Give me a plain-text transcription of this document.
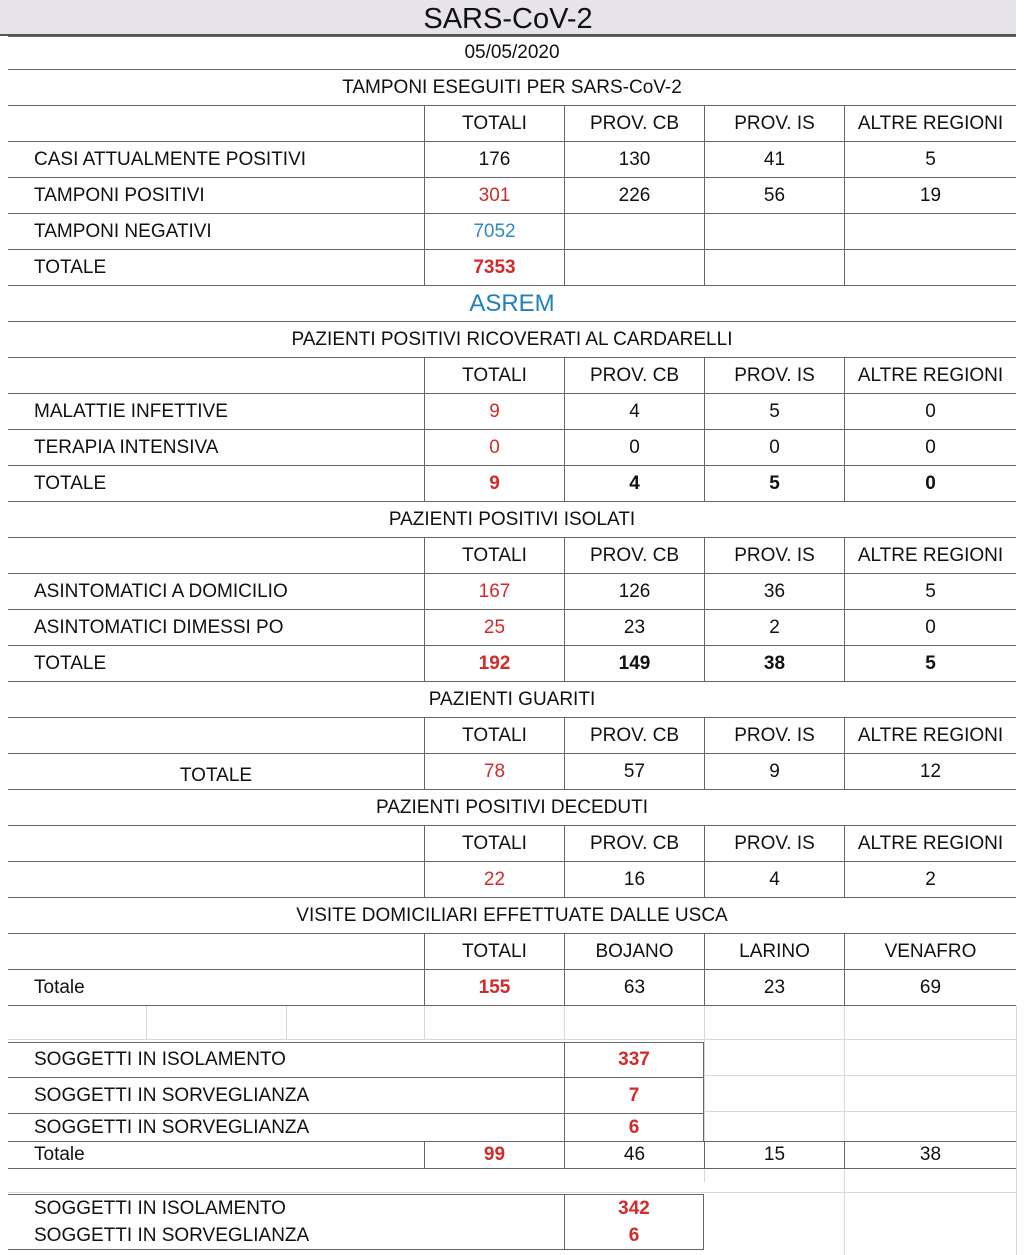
SARS-CoV-2
05/05/2020
TAMPONI ESEGUITI PER SARS-CoV-2
TOTALI	PROV. CB	PROV. IS	ALTRE REGIONI
CASI ATTUALMENTE POSITIVI	176	130	41	5
TAMPONI POSITIVI	301	226	56	19
TAMPONI NEGATIVI	7052
TOTALE	7353
ASREM
PAZIENTI POSITIVI RICOVERATI AL CARDARELLI
TOTALI	PROV. CB	PROV. IS	ALTRE REGIONI
MALATTIE INFETTIVE	9	4	5	0
TERAPIA INTENSIVA	0	0	0	0
TOTALE	9	4	5	0
PAZIENTI POSITIVI ISOLATI
TOTALI	PROV. CB	PROV. IS	ALTRE REGIONI
ASINTOMATICI A DOMICILIO	167	126	36	5
ASINTOMATICI DIMESSI PO	25	23	2	0
TOTALE	192	149	38	5
PAZIENTI GUARITI
TOTALI	PROV. CB	PROV. IS	ALTRE REGIONI
TOTALE	78	57	9	12
PAZIENTI POSITIVI DECEDUTI
TOTALI	PROV. CB	PROV. IS	ALTRE REGIONI
22	16	4	2
VISITE DOMICILIARI EFFETTUATE DALLE USCA
TOTALI	BOJANO	LARINO	VENAFRO
Totale	155	63	23	69
SOGGETTI IN ISOLAMENTO	337
SOGGETTI IN SORVEGLIANZA	7
SOGGETTI IN SORVEGLIANZA	6
Totale	99	46	15	38
SOGGETTI IN ISOLAMENTO	342
SOGGETTI IN SORVEGLIANZA	6
